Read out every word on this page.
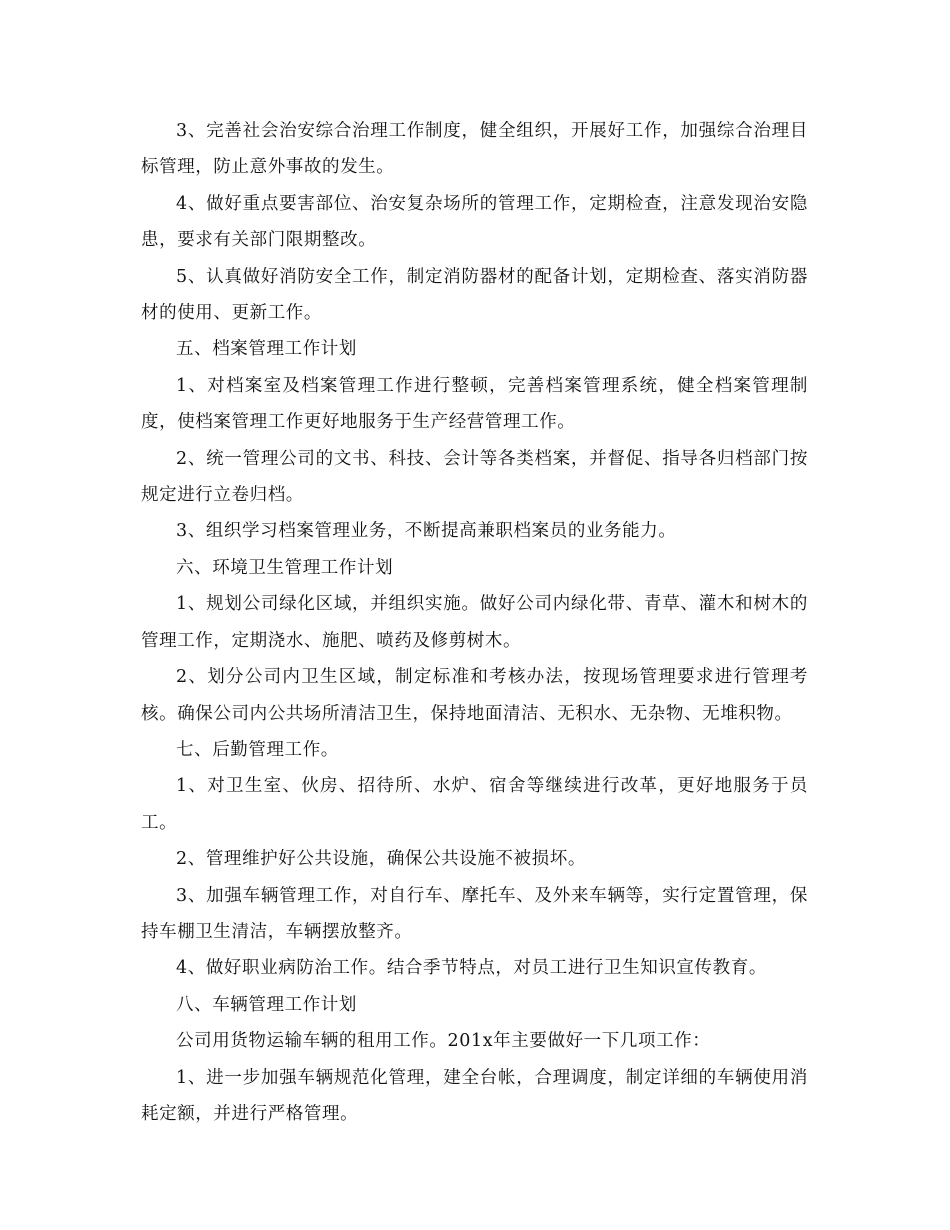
3、完善社会治安综合治理工作制度，健全组织，开展好工作，加强综合治理目标管理，防止意外事故的发生。

4、做好重点要害部位、治安复杂场所的管理工作，定期检查，注意发现治安隐患，要求有关部门限期整改。

5、认真做好消防安全工作，制定消防器材的配备计划，定期检查、落实消防器材的使用、更新工作。

五、档案管理工作计划

1、对档案室及档案管理工作进行整顿，完善档案管理系统，健全档案管理制度，使档案管理工作更好地服务于生产经营管理工作。

2、统一管理公司的文书、科技、会计等各类档案，并督促、指导各归档部门按规定进行立卷归档。

3、组织学习档案管理业务，不断提高兼职档案员的业务能力。

六、环境卫生管理工作计划

1、规划公司绿化区域，并组织实施。做好公司内绿化带、青草、灌木和树木的管理工作，定期浇水、施肥、喷药及修剪树木。

2、划分公司内卫生区域，制定标准和考核办法，按现场管理要求进行管理考核。确保公司内公共场所清洁卫生，保持地面清洁、无积水、无杂物、无堆积物。

七、后勤管理工作。

1、对卫生室、伙房、招待所、水炉、宿舍等继续进行改革，更好地服务于员工。

2、管理维护好公共设施，确保公共设施不被损坏。

3、加强车辆管理工作，对自行车、摩托车、及外来车辆等，实行定置管理，保持车棚卫生清洁，车辆摆放整齐。

4、做好职业病防治工作。结合季节特点，对员工进行卫生知识宣传教育。

八、车辆管理工作计划

公司用货物运输车辆的租用工作。201x年主要做好一下几项工作：

1、进一步加强车辆规范化管理，建全台帐，合理调度，制定详细的车辆使用消耗定额，并进行严格管理。
